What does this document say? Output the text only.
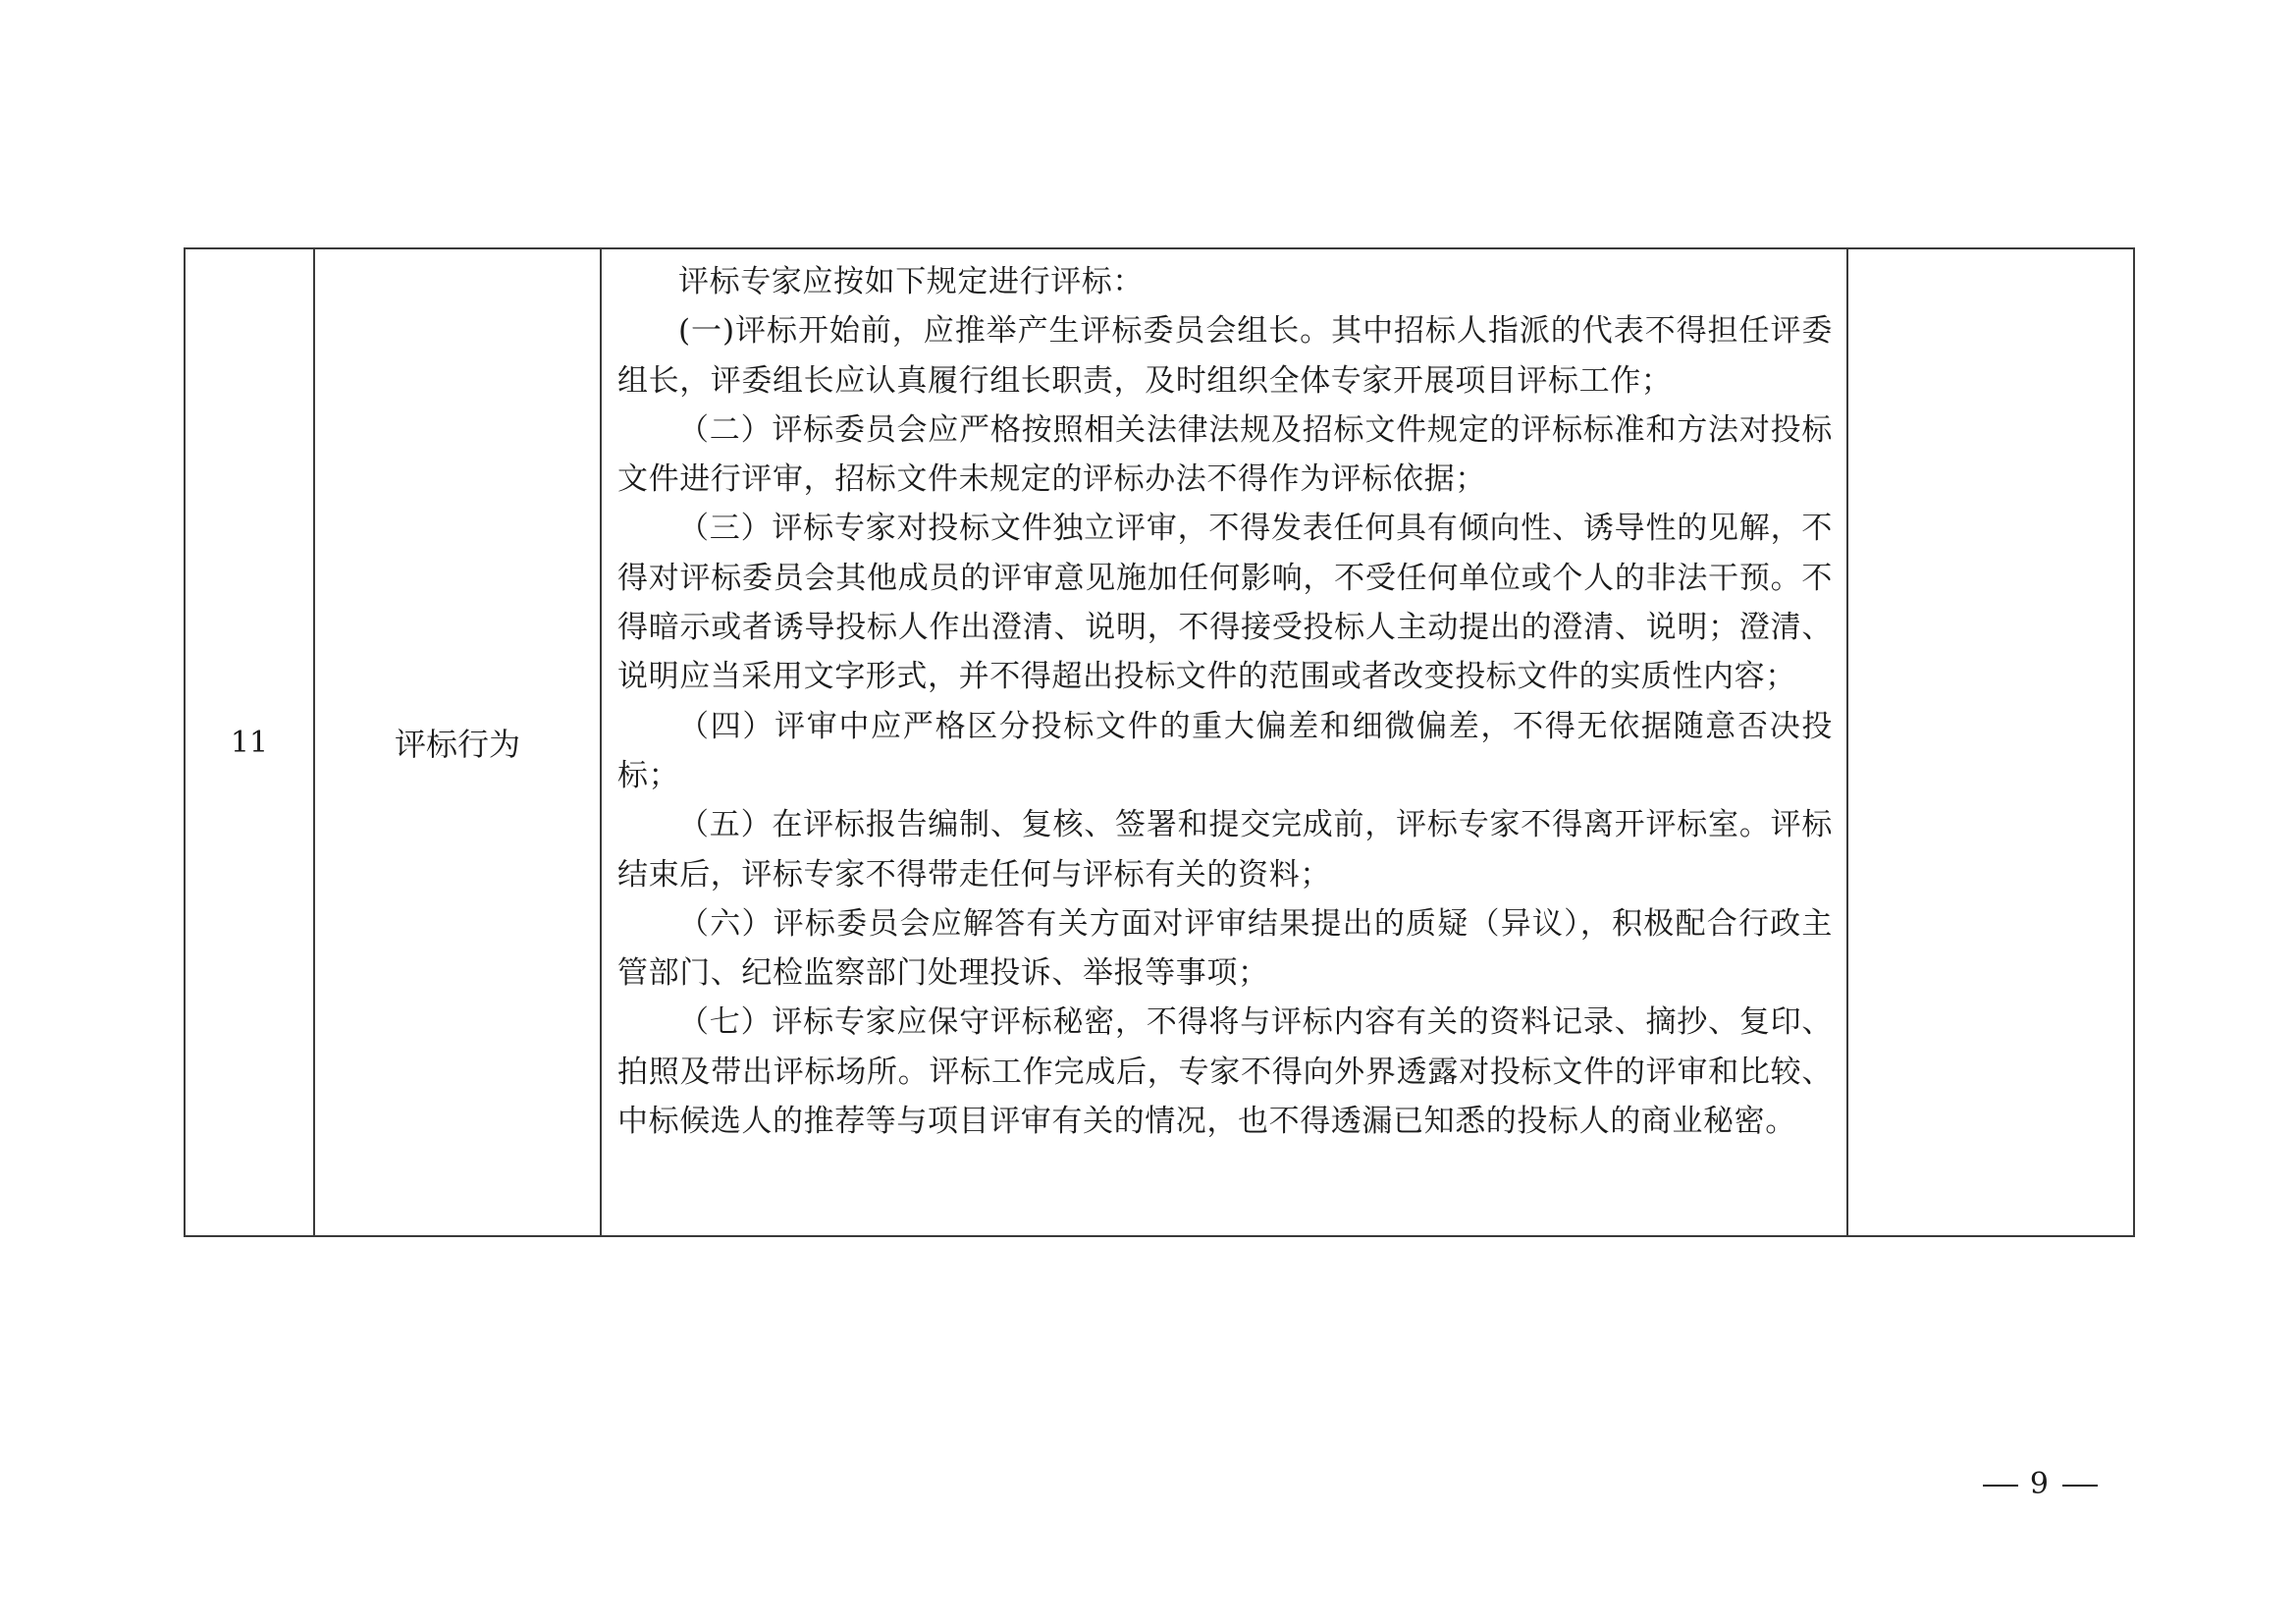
11	评标行为	

评标专家应按如下规定进行评标：

(一)评标开始前，应推举产生评标委员会组长。其中招标人指派的代表不得担任评委组长，评委组长应认真履行组长职责，及时组织全体专家开展项目评标工作；

（二）评标委员会应严格按照相关法律法规及招标文件规定的评标标准和方法对投标文件进行评审，招标文件未规定的评标办法不得作为评标依据；

（三）评标专家对投标文件独立评审，不得发表任何具有倾向性、诱导性的见解，不得对评标委员会其他成员的评审意见施加任何影响，不受任何单位或个人的非法干预。不得暗示或者诱导投标人作出澄清、说明，不得接受投标人主动提出的澄清、说明；澄清、说明应当采用文字形式，并不得超出投标文件的范围或者改变投标文件的实质性内容；

（四）评审中应严格区分投标文件的重大偏差和细微偏差，不得无依据随意否决投标；

（五）在评标报告编制、复核、签署和提交完成前，评标专家不得离开评标室。评标结束后，评标专家不得带走任何与评标有关的资料；

（六）评标委员会应解答有关方面对评审结果提出的质疑（异议），积极配合行政主管部门、纪检监察部门处理投诉、举报等事项；

（七）评标专家应保守评标秘密，不得将与评标内容有关的资料记录、摘抄、复印、拍照及带出评标场所。评标工作完成后，专家不得向外界透露对投标文件的评审和比较、中标候选人的推荐等与项目评审有关的情况，也不得透漏已知悉的投标人的商业秘密。

9
